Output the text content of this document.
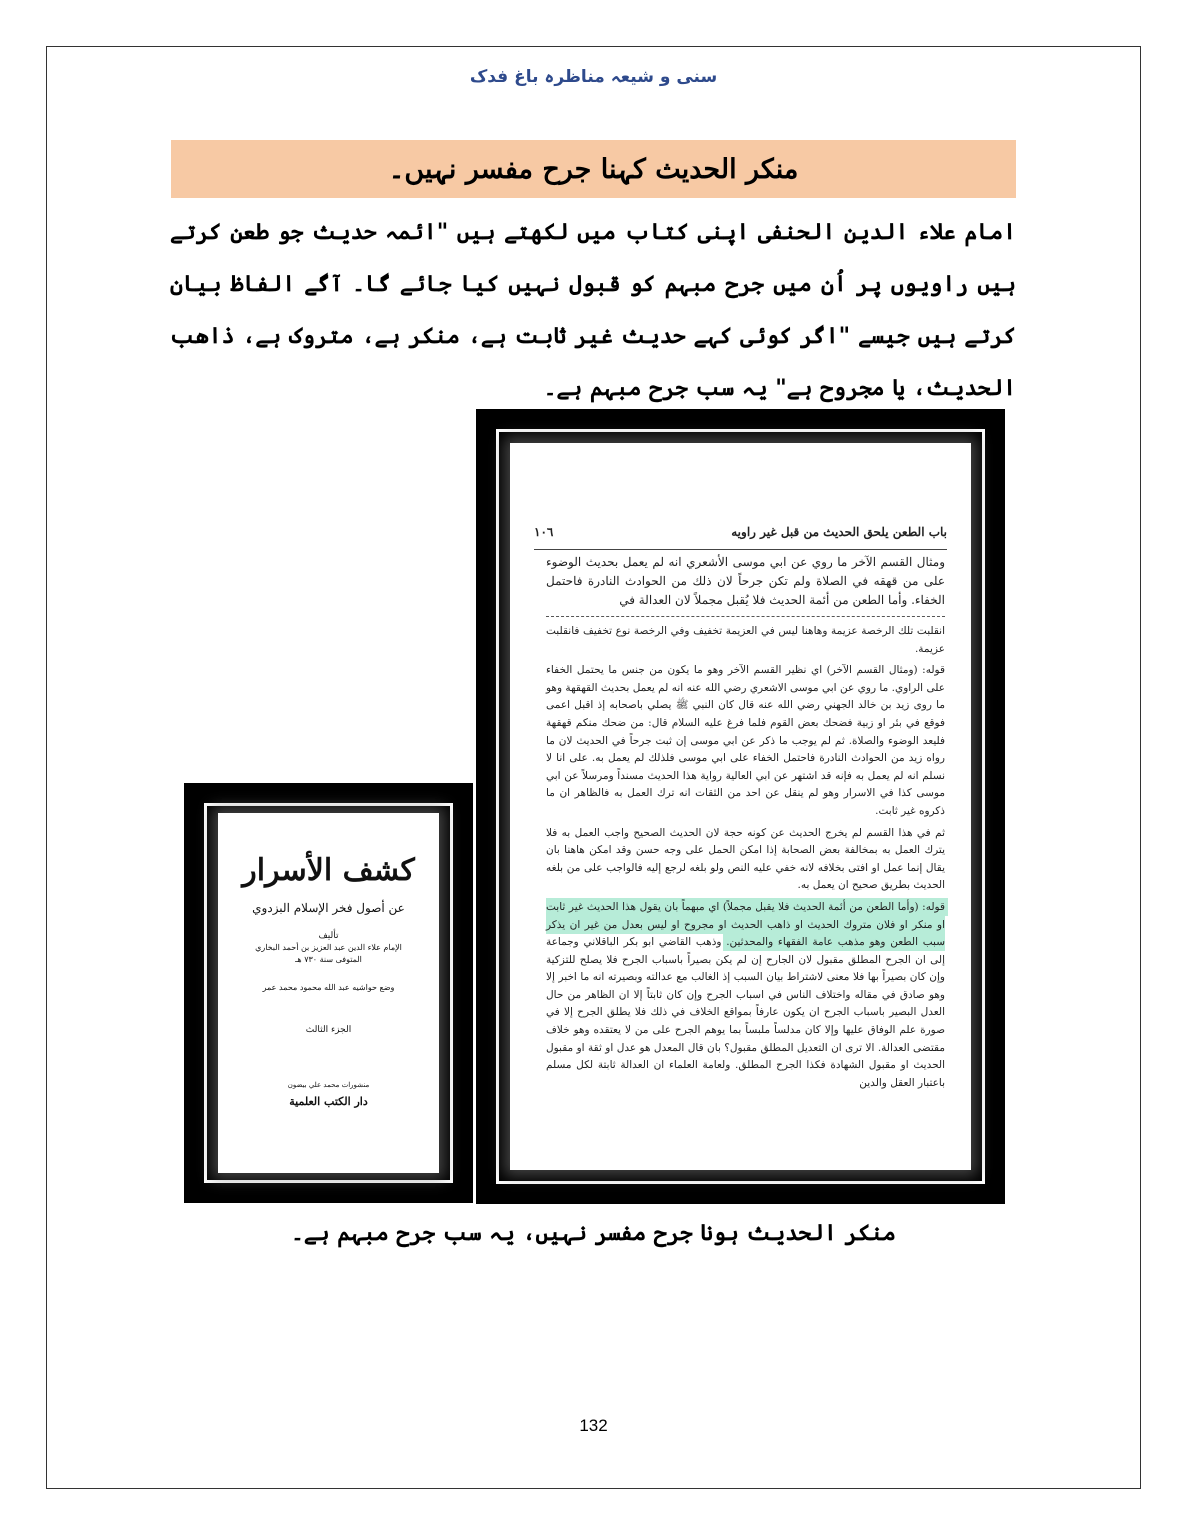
سنی و شیعہ مناظرہ باغ فدک
منکر الحدیث کہنا جرح مفسر نہیں۔
امام علاء الدین الحنفی اپنی کتاب میں لکھتے ہیں "ائمہ حدیث جو طعن کرتے ہیں راویوں پر اُن میں جرح مبہم کو قبول نہیں کیا جائے گا۔ آگے الفاظ بیان کرتے ہیں جیسے "اگر کوئی کہے حدیث غیر ثابت ہے، منکر ہے، متروک ہے، ذاھب الحدیث، یا مجروح ہے" یہ سب جرح مبہم ہے۔
باب الطعن يلحق الحديث من قبل غير راويه
١٠٦

ومثال القسم الآخر ما روي عن ابي موسى الأشعري انه لم يعمل بحديث الوضوء على من قهقه في الصلاة ولم تكن جرحاً لان ذلك من الحوادث النادرة فاحتمل الخفاء. وأما الطعن من أئمة الحديث فلا يُقبل مجملاً لان العدالة في

انقلبت تلك الرخصة عزيمة وهاهنا ليس في العزيمة تخفيف وفي الرخصة نوع تخفيف فانقلبت عزيمة.

قوله: (ومثال القسم الآخر) اي نظير القسم الآخر وهو ما يكون من جنس ما يحتمل الخفاء على الراوي. ما روي عن ابي موسى الاشعري رضي الله عنه انه لم يعمل بحديث القهقهة وهو ما روى زيد بن خالد الجهني رضي الله عنه قال كان النبي ﷺ يصلي باصحابه إذ اقبل اعمى فوقع في بئر او زبية فضحك بعض القوم فلما فرغ عليه السلام قال: من ضحك منكم قهقهة فليعد الوضوء والصلاة. ثم لم يوجب ما ذكر عن ابي موسى إن ثبت جرحاً في الحديث لان ما رواه زيد من الحوادث النادرة فاحتمل الخفاء على ابي موسى فلذلك لم يعمل به. على انا لا نسلم انه لم يعمل به فإنه قد اشتهر عن ابي العالية رواية هذا الحديث مسنداً ومرسلاً عن ابي موسى كذا في الاسرار وهو لم ينقل عن احد من الثقات انه ترك العمل به فالظاهر ان ما ذكروه غير ثابت.

ثم في هذا القسم لم يخرج الحديث عن كونه حجة لان الحديث الصحيح واجب العمل به فلا يترك العمل به بمخالفة بعض الصحابة إذا امكن الحمل على وجه حسن وقد امكن هاهنا بان يقال إنما عمل او افتى بخلافه لانه خفي عليه النص ولو بلغه لرجع إليه فالواجب على من بلغه الحديث بطريق صحيح ان يعمل به.

قوله: (وأما الطعن من أئمة الحديث فلا يقبل مجملاً) اي مبهماً بان يقول هذا الحديث غير ثابت او منكر او فلان متروك الحديث او ذاهب الحديث او مجروح او ليس بعدل من غير ان يذكر سبب الطعن وهو مذهب عامة الفقهاء والمحدثين. وذهب القاضي ابو بكر الباقلاني وجماعة إلى ان الجرح المطلق مقبول لان الجارح إن لم يكن بصيراً باسباب الجرح فلا يصلح للتزكية وإن كان بصيراً بها فلا معنى لاشتراط بيان السبب إذ الغالب مع عدالته وبصيرته انه ما اخبر إلا وهو صادق في مقاله واختلاف الناس في اسباب الجرح وإن كان ثابتاً إلا ان الظاهر من حال العدل البصير باسباب الجرح ان يكون عارفاً بمواقع الخلاف في ذلك فلا يطلق الجرح إلا في صورة علم الوفاق عليها وإلا كان مدلساً ملبساً بما يوهم الجرح على من لا يعتقده وهو خلاف مقتضى العدالة. الا ترى ان التعديل المطلق مقبول؟ بان قال المعدل هو عدل او ثقة او مقبول الحديث او مقبول الشهادة فكذا الجرح المطلق. ولعامة العلماء ان العدالة ثابتة لكل مسلم باعتبار العقل والدين

كشف الأسرار
عن أصول فخر الإسلام البزدوي
تأليف
الإمام علاء الدين عبد العزيز بن أحمد البخاري
المتوفى سنة ٧٣٠ هـ
وضع حواشيه عبد الله محمود محمد عمر
الجزء الثالث
منشورات محمد علي بيضون
دار الكتب العلمية
منکر الحدیث ہونا جرح مفسر نہیں، یہ سب جرح مبہم ہے۔
132
